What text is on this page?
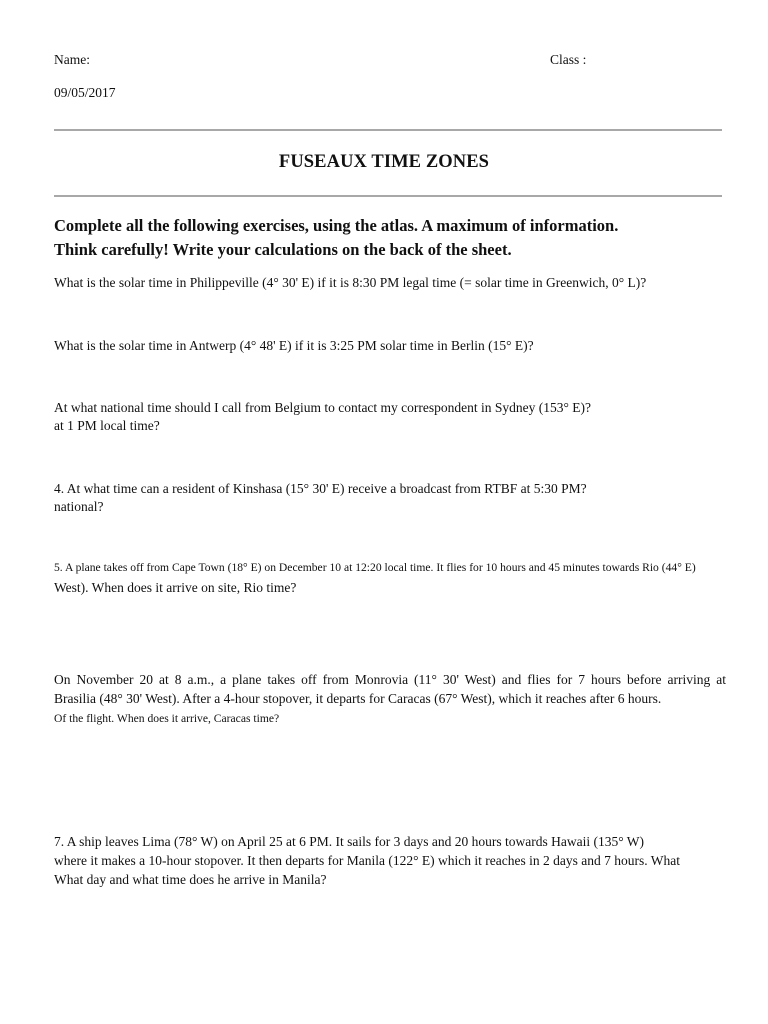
Name:	Class :
09/05/2017
FUSEAUX TIME ZONES
Complete all the following exercises, using the atlas. A maximum of information.
Think carefully! Write your calculations on the back of the sheet.
What is the solar time in Philippeville (4° 30' E) if it is 8:30 PM legal time (= solar time in Greenwich, 0° L)?
What is the solar time in Antwerp (4° 48' E) if it is 3:25 PM solar time in Berlin (15° E)?
At what national time should I call from Belgium to contact my correspondent in Sydney (153° E)?
at 1 PM local time?
4. At what time can a resident of Kinshasa (15° 30' E) receive a broadcast from RTBF at 5:30 PM?
national?
5. A plane takes off from Cape Town (18° E) on December 10 at 12:20 local time. It flies for 10 hours and 45 minutes towards Rio (44° E)
West). When does it arrive on site, Rio time?
On November 20 at 8 a.m., a plane takes off from Monrovia (11° 30' West) and flies for 7 hours before arriving at
Brasilia (48° 30' West). After a 4-hour stopover, it departs for Caracas (67° West), which it reaches after 6 hours.
Of the flight. When does it arrive, Caracas time?
7. A ship leaves Lima (78° W) on April 25 at 6 PM. It sails for 3 days and 20 hours towards Hawaii (135° W)
where it makes a 10-hour stopover. It then departs for Manila (122° E) which it reaches in 2 days and 7 hours. What
What day and what time does he arrive in Manila?
